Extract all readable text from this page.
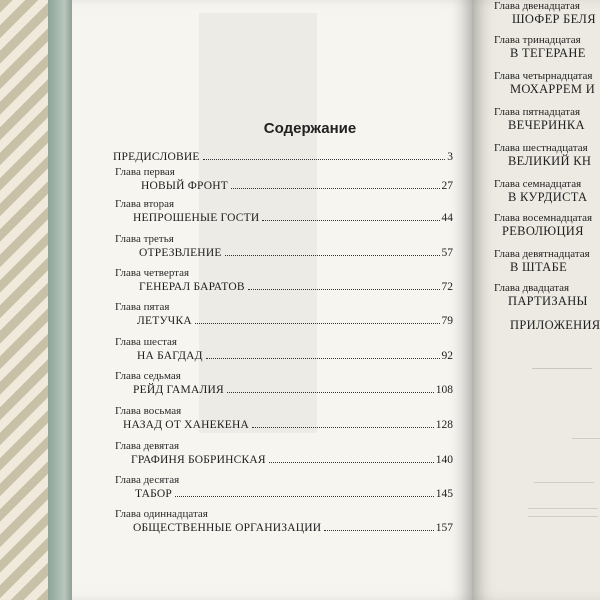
Содержание
ПРЕДИСЛОВИЕ	3
Глава первая
НОВЫЙ ФРОНТ	27
Глава вторая
НЕПРОШЕНЫЕ ГОСТИ	44
Глава третья
ОТРЕЗВЛЕНИЕ	57
Глава четвертая
ГЕНЕРАЛ БАРАТОВ	72
Глава пятая
ЛЕТУЧКА	79
Глава шестая
НА БАГДАД	92
Глава седьмая
РЕЙД ГАМАЛИЯ	108
Глава восьмая
НАЗАД ОТ ХАНЕКЕНА	128
Глава девятая
ГРАФИНЯ БОБРИНСКАЯ	140
Глава десятая
ТАБОР	145
Глава одиннадцатая
ОБЩЕСТВЕННЫЕ ОРГАНИЗАЦИИ	157
Глава двенадцатая
ШОФЕР БЕЛЯ
Глава тринадцатая
В ТЕГЕРАНЕ
Глава четырнадцатая
МОХАРРЕМ И
Глава пятнадцатая
ВЕЧЕРИНКА
Глава шестнадцатая
ВЕЛИКИЙ КН
Глава семнадцатая
В КУРДИСТА
Глава восемнадцатая
РЕВОЛЮЦИЯ
Глава девятнадцатая
В ШТАБЕ
Глава двадцатая
ПАРТИЗАНЫ
ПРИЛОЖЕНИЯ
